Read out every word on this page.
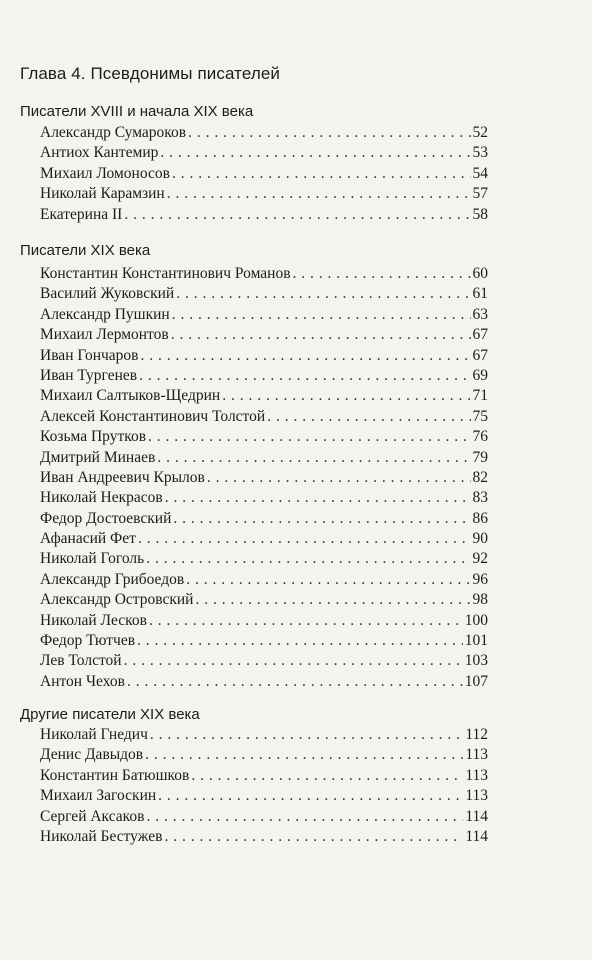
Глава 4. Псевдонимы писателей
Писатели XVIII и начала XIX века
Александр Сумароков . . .	52
Антиох Кантемир . . .	53
Михаил Ломоносов . . .	54
Николай Карамзин . . .	57
Екатерина II . . .	58
Писатели XIX века
Константин Константинович Романов . . .	60
Василий Жуковский . . .	61
Александр Пушкин . . .	63
Михаил Лермонтов . . .	67
Иван Гончаров . . .	67
Иван Тургенев . . .	69
Михаил Салтыков-Щедрин . . .	71
Алексей Константинович Толстой . . .	75
Козьма Прутков . . .	76
Дмитрий Минаев . . .	79
Иван Андреевич Крылов . . .	82
Николай Некрасов . . .	83
Федор Достоевский . . .	86
Афанасий Фет . . .	90
Николай Гоголь . . .	92
Александр Грибоедов . . .	96
Александр Островский . . .	98
Николай Лесков . . .	100
Федор Тютчев . . .	101
Лев Толстой . . .	103
Антон Чехов . . .	107
Другие писатели XIX века
Николай Гнедич . . .	112
Денис Давыдов . . .	113
Константин Батюшков . . .	113
Михаил Загоскин . . .	113
Сергей Аксаков . . .	114
Николай Бестужев . . .	114
